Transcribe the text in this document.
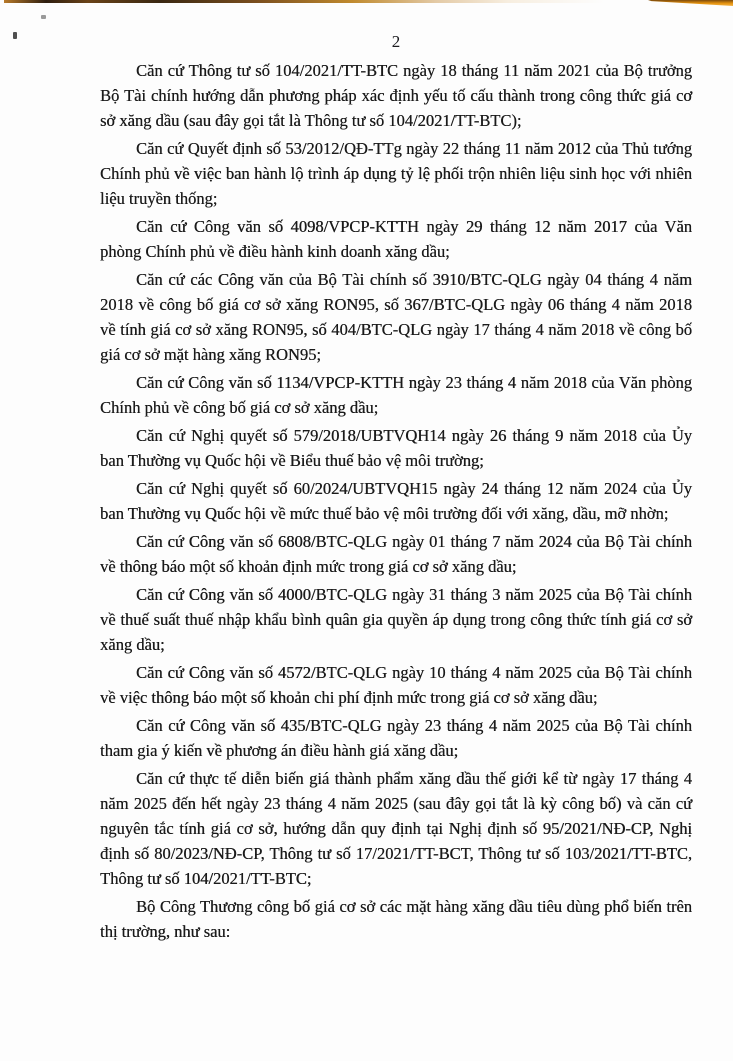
2

Căn cứ Thông tư số 104/2021/TT-BTC ngày 18 tháng 11 năm 2021 của Bộ trưởng Bộ Tài chính hướng dẫn phương pháp xác định yếu tố cấu thành trong công thức giá cơ sở xăng dầu (sau đây gọi tắt là Thông tư số 104/2021/TT-BTC);

Căn cứ Quyết định số 53/2012/QĐ-TTg ngày 22 tháng 11 năm 2012 của Thủ tướng Chính phủ về việc ban hành lộ trình áp dụng tỷ lệ phối trộn nhiên liệu sinh học với nhiên liệu truyền thống;

Căn cứ Công văn số 4098/VPCP-KTTH ngày 29 tháng 12 năm 2017 của Văn phòng Chính phủ về điều hành kinh doanh xăng dầu;

Căn cứ các Công văn của Bộ Tài chính số 3910/BTC-QLG ngày 04 tháng 4 năm 2018 về công bố giá cơ sở xăng RON95, số 367/BTC-QLG ngày 06 tháng 4 năm 2018 về tính giá cơ sở xăng RON95, số 404/BTC-QLG ngày 17 tháng 4 năm 2018 về công bố giá cơ sở mặt hàng xăng RON95;

Căn cứ Công văn số 1134/VPCP-KTTH ngày 23 tháng 4 năm 2018 của Văn phòng Chính phủ về công bố giá cơ sở xăng dầu;

Căn cứ Nghị quyết số 579/2018/UBTVQH14 ngày 26 tháng 9 năm 2018 của Ủy ban Thường vụ Quốc hội về Biểu thuế bảo vệ môi trường;

Căn cứ Nghị quyết số 60/2024/UBTVQH15 ngày 24 tháng 12 năm 2024 của Ủy ban Thường vụ Quốc hội về mức thuế bảo vệ môi trường đối với xăng, dầu, mỡ nhờn;

Căn cứ Công văn số 6808/BTC-QLG ngày 01 tháng 7 năm 2024 của Bộ Tài chính về thông báo một số khoản định mức trong giá cơ sở xăng dầu;

Căn cứ Công văn số 4000/BTC-QLG ngày 31 tháng 3 năm 2025 của Bộ Tài chính về thuế suất thuế nhập khẩu bình quân gia quyền áp dụng trong công thức tính giá cơ sở xăng dầu;

Căn cứ Công văn số 4572/BTC-QLG ngày 10 tháng 4 năm 2025 của Bộ Tài chính về việc thông báo một số khoản chi phí định mức trong giá cơ sở xăng dầu;

Căn cứ Công văn số 435/BTC-QLG ngày 23 tháng 4 năm 2025 của Bộ Tài chính tham gia ý kiến về phương án điều hành giá xăng dầu;

Căn cứ thực tế diễn biến giá thành phẩm xăng dầu thế giới kể từ ngày 17 tháng 4 năm 2025 đến hết ngày 23 tháng 4 năm 2025 (sau đây gọi tắt là kỳ công bố) và căn cứ nguyên tắc tính giá cơ sở, hướng dẫn quy định tại Nghị định số 95/2021/NĐ-CP, Nghị định số 80/2023/NĐ-CP, Thông tư số 17/2021/TT-BCT, Thông tư số 103/2021/TT-BTC, Thông tư số 104/2021/TT-BTC;

Bộ Công Thương công bố giá cơ sở các mặt hàng xăng dầu tiêu dùng phổ biến trên thị trường, như sau:
